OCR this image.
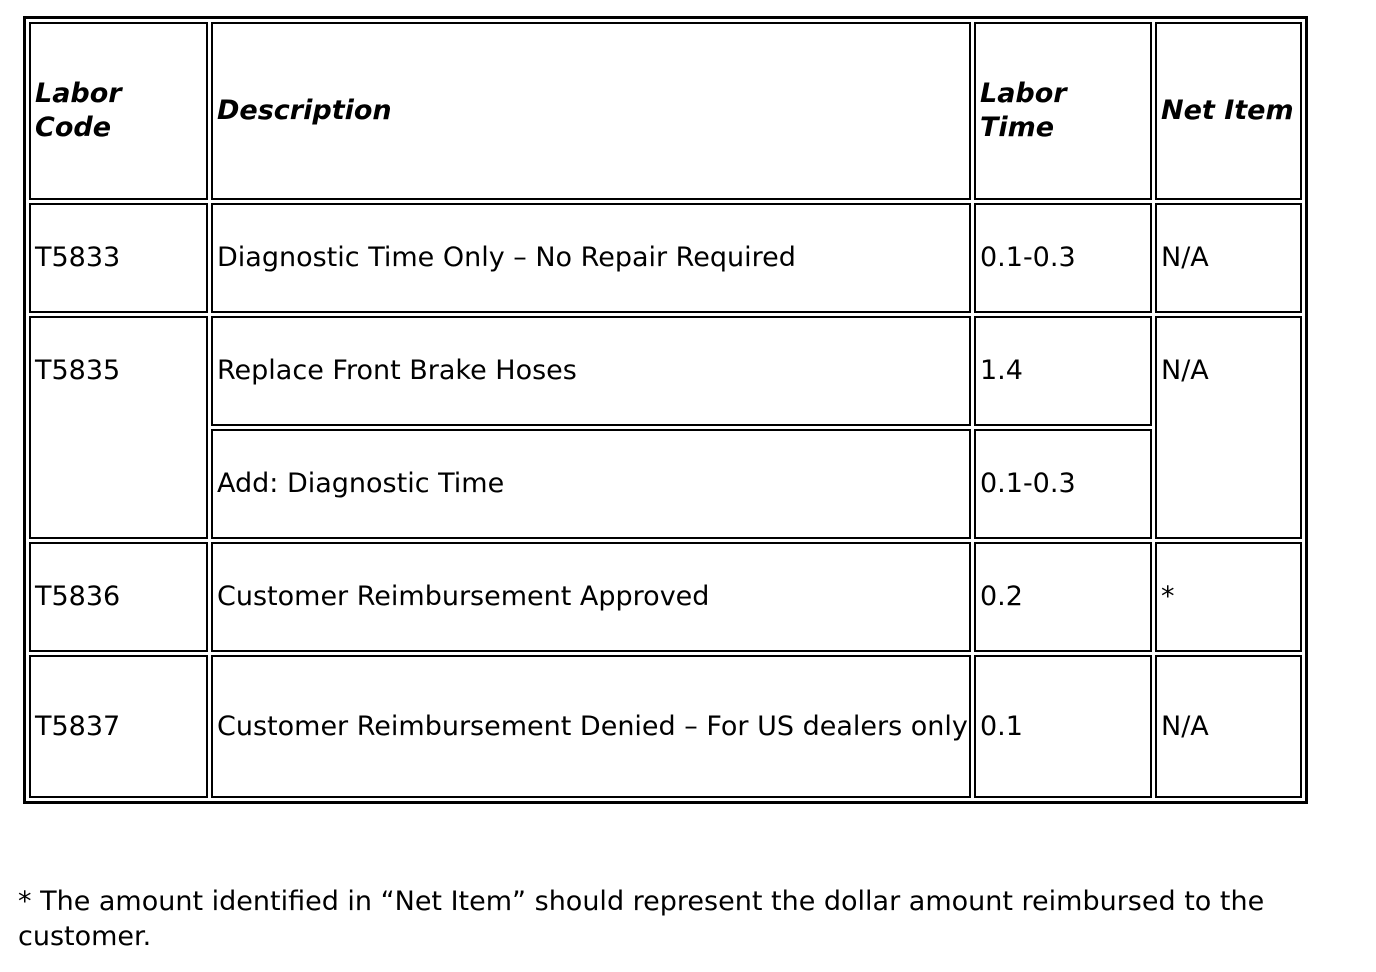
Labor Code	Description	Labor Time	Net Item
T5833	Diagnostic Time Only – No Repair Required	0.1-0.3	N/A
T5835	Replace Front Brake Hoses	1.4	N/A
	Add: Diagnostic Time	0.1-0.3	
T5836	Customer Reimbursement Approved	0.2	*
T5837	Customer Reimbursement Denied – For US dealers only	0.1	N/A

* The amount identified in “Net Item” should represent the dollar amount reimbursed to the customer.
